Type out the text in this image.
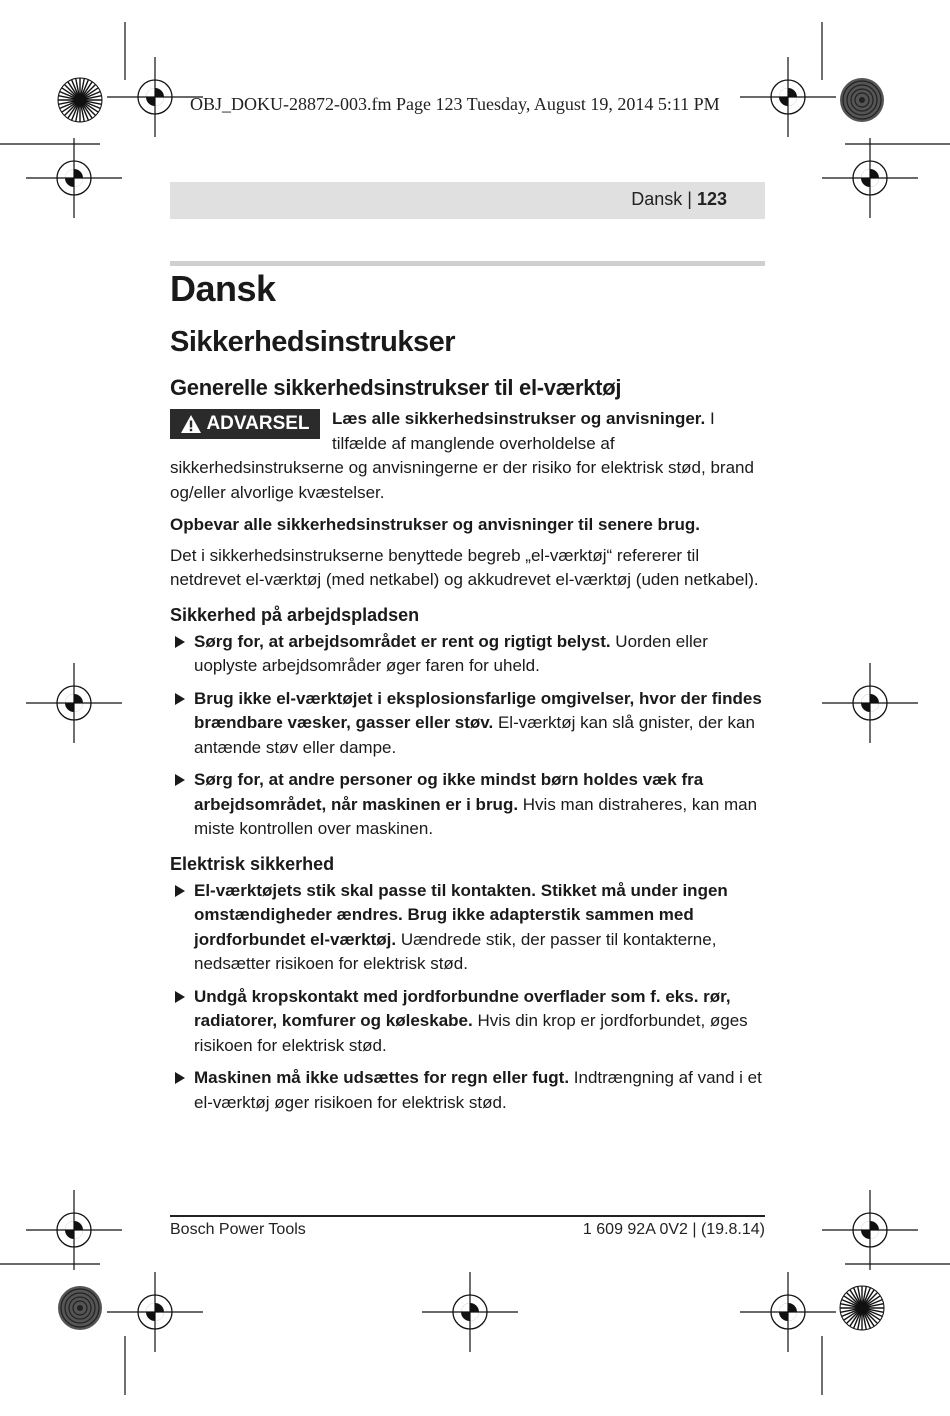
OBJ_DOKU-28872-003.fm Page 123 Tuesday, August 19, 2014 5:11 PM
Dansk | 123
Dansk
Sikkerhedsinstrukser
Generelle sikkerhedsinstrukser til el-værktøj

ADVARSEL Læs alle sikkerhedsinstrukser og anvisninger. I tilfælde af manglende overholdelse af sikkerhedsinstrukserne og anvisningerne er der risiko for elektrisk stød, brand og/eller alvorlige kvæstelser.

Opbevar alle sikkerhedsinstrukser og anvisninger til senere brug.

Det i sikkerhedsinstrukserne benyttede begreb „el-værktøj“ refererer til netdrevet el-værktøj (med netkabel) og akkudrevet el-værktøj (uden netkabel).

Sikkerhed på arbejdspladsen
Sørg for, at arbejdsområdet er rent og rigtigt belyst. Uorden eller uoplyste arbejdsområder øger faren for uheld.
Brug ikke el-værktøjet i eksplosionsfarlige omgivelser, hvor der findes brændbare væsker, gasser eller støv. El-værktøj kan slå gnister, der kan antænde støv eller dampe.
Sørg for, at andre personer og ikke mindst børn holdes væk fra arbejdsområdet, når maskinen er i brug. Hvis man distraheres, kan man miste kontrollen over maskinen.
Elektrisk sikkerhed
El-værktøjets stik skal passe til kontakten. Stikket må under ingen omstændigheder ændres. Brug ikke adapterstik sammen med jordforbundet el-værktøj. Uændrede stik, der passer til kontakterne, nedsætter risikoen for elektrisk stød.
Undgå kropskontakt med jordforbundne overflader som f. eks. rør, radiatorer, komfurer og køleskabe. Hvis din krop er jordforbundet, øges risikoen for elektrisk stød.
Maskinen må ikke udsættes for regn eller fugt. Indtrængning af vand i et el-værktøj øger risikoen for elektrisk stød.
Bosch Power Tools	1 609 92A 0V2 | (19.8.14)
